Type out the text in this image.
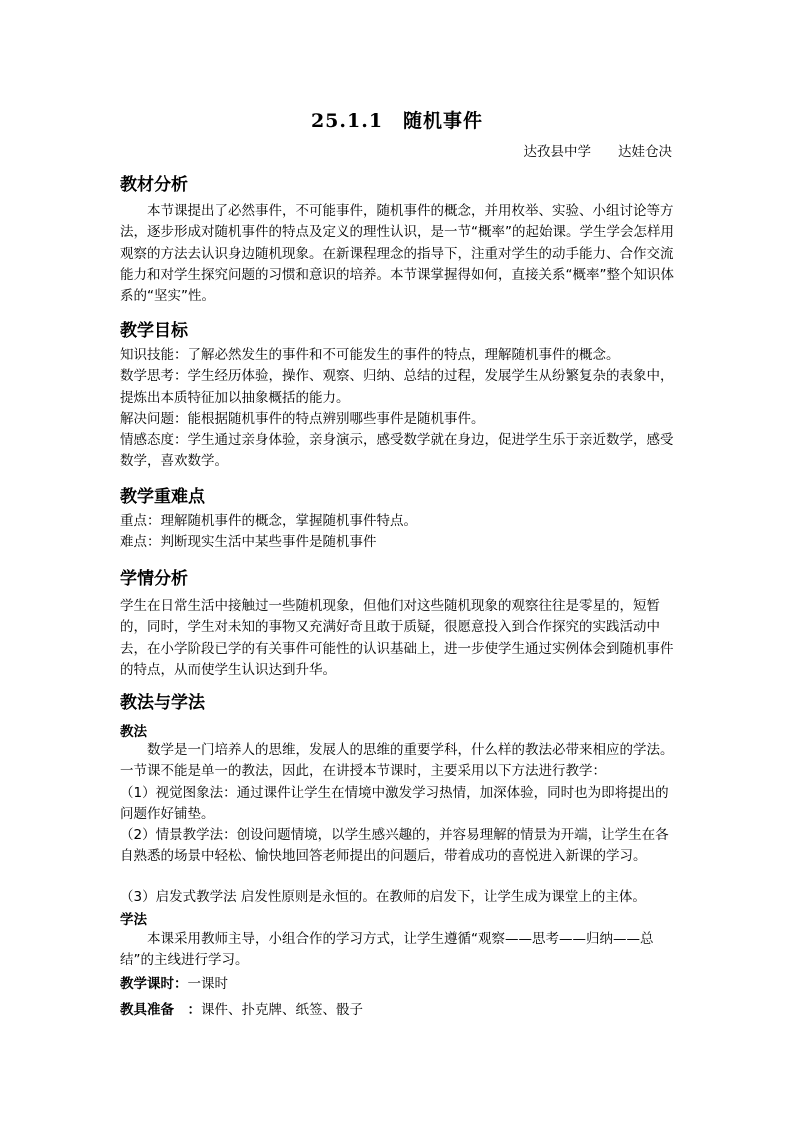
25.1.1　随机事件
达孜县中学　　达娃仓决
教材分析
本节课提出了必然事件，不可能事件，随机事件的概念，并用枚举、实验、小组讨论等方法，逐步形成对随机事件的特点及定义的理性认识，是一节“概率”的起始课。学生学会怎样用观察的方法去认识身边随机现象。在新课程理念的指导下，注重对学生的动手能力、合作交流能力和对学生探究问题的习惯和意识的培养。本节课掌握得如何，直接关系“概率”整个知识体系的“坚实”性。
教学目标

知识技能：了解必然发生的事件和不可能发生的事件的特点，理解随机事件的概念。

数学思考：学生经历体验，操作、观察、归纳、总结的过程，发展学生从纷繁复杂的表象中，提炼出本质特征加以抽象概括的能力。

解决问题：能根据随机事件的特点辨别哪些事件是随机事件。

情感态度：学生通过亲身体验，亲身演示，感受数学就在身边，促进学生乐于亲近数学，感受数学，喜欢数学。

教学重难点

重点：理解随机事件的概念，掌握随机事件特点。

难点：判断现实生活中某些事件是随机事件

学情分析
学生在日常生活中接触过一些随机现象，但他们对这些随机现象的观察往往是零星的，短暂的，同时，学生对未知的事物又充满好奇且敢于质疑，很愿意投入到合作探究的实践活动中去，在小学阶段已学的有关事件可能性的认识基础上，进一步使学生通过实例体会到随机事件的特点，从而使学生认识达到升华。
教法与学法
教法

数学是一门培养人的思维，发展人的思维的重要学科，什么样的教法必带来相应的学法。一节课不能是单一的教法，因此，在讲授本节课时，主要采用以下方法进行教学：

（1）视觉图象法：通过课件让学生在情境中激发学习热情，加深体验，同时也为即将提出的问题作好铺垫。

（2）情景教学法：创设问题情境，以学生感兴趣的，并容易理解的情景为开端，让学生在各自熟悉的场景中轻松、愉快地回答老师提出的问题后，带着成功的喜悦进入新课的学习。

（3）启发式教学法 启发性原则是永恒的。在教师的启发下，让学生成为课堂上的主体。
学法
本课采用教师主导，小组合作的学习方式，让学生遵循“观察——思考——归纳——总结”的主线进行学习。
教学课时：一课时
教具准备　：课件、扑克牌、纸签、骰子
